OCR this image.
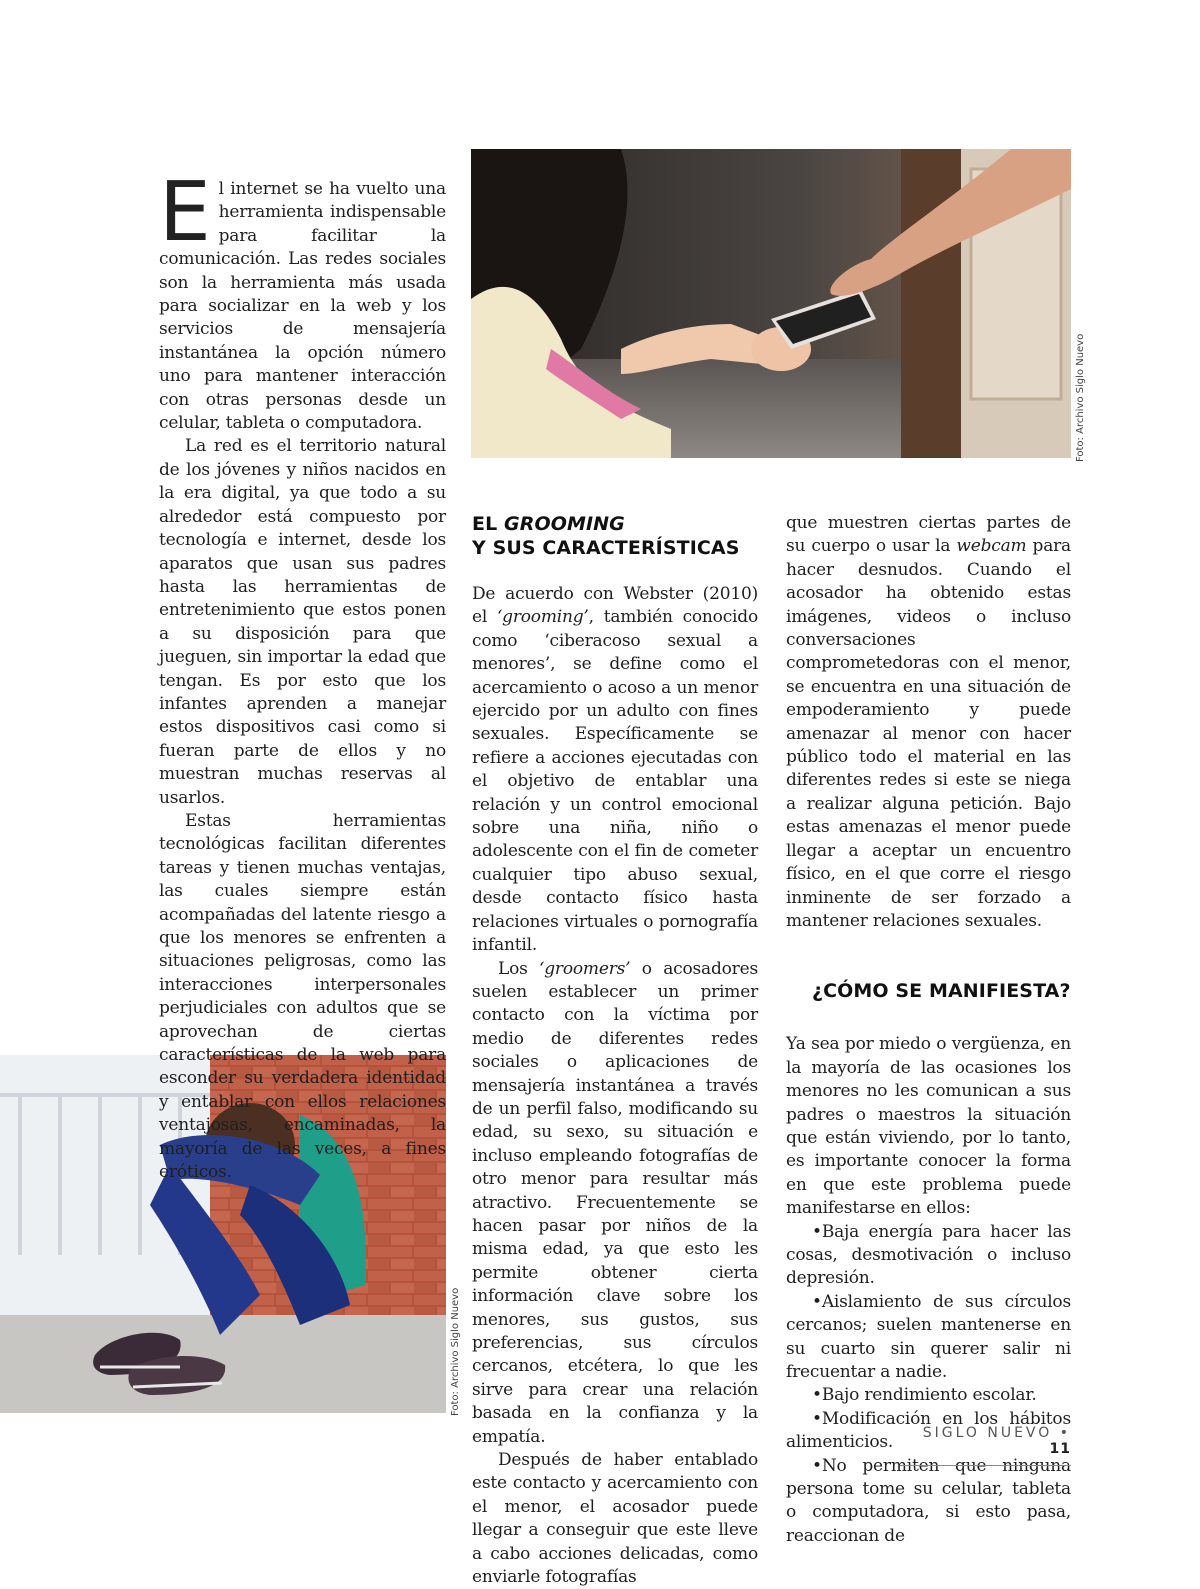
Foto: Archivo Siglo Nuevo
Foto: Archivo Siglo Nuevo

El internet se ha vuelto una herramienta indispensable para facilitar la comunicación. Las redes sociales son la herramienta más usada para socializar en la web y los servicios de mensajería instantánea la opción número uno para mantener interacción con otras personas desde un celular, tableta o computadora.

La red es el territorio natural de los jóvenes y niños nacidos en la era digital, ya que todo a su alrededor está compuesto por tecnología e internet, desde los aparatos que usan sus padres hasta las herramientas de entretenimiento que estos ponen a su disposición para que jueguen, sin importar la edad que tengan. Es por esto que los infantes aprenden a manejar estos dispositivos casi como si fueran parte de ellos y no muestran muchas reservas al usarlos.

Estas herramientas tecnológicas facilitan diferentes tareas y tienen muchas ventajas, las cuales siempre están acompañadas del latente riesgo a que los menores se enfrenten a situaciones peligrosas, como las interacciones interpersonales perjudiciales con adultos que se aprovechan de ciertas características de la web para esconder su verdadera identidad y entablar con ellos relaciones ventajosas, encaminadas, la mayoría de las veces, a fines eróticos.

EL GROOMING

Y SUS CARACTERÍSTICAS

De acuerdo con Webster (2010) el ‘grooming’, también conocido como ‘ciberacoso sexual a menores’, se define como el acercamiento o acoso a un menor ejercido por un adulto con fines sexuales. Específicamente se refiere a acciones ejecutadas con el objetivo de entablar una relación y un control emocional sobre una niña, niño o adolescente con el fin de cometer cualquier tipo abuso sexual, desde contacto físico hasta relaciones virtuales o pornografía infantil.

Los ‘groomers’ o acosadores suelen establecer un primer contacto con la víctima por medio de diferentes redes sociales o aplicaciones de mensajería instantánea a través de un perfil falso, modificando su edad, su sexo, su situación e incluso empleando fotografías de otro menor para resultar más atractivo. Frecuentemente se hacen pasar por niños de la misma edad, ya que esto les permite obtener cierta información clave sobre los menores, sus gustos, sus preferencias, sus círculos cercanos, etcétera, lo que les sirve para crear una relación basada en la confianza y la empatía.

Después de haber entablado este contacto y acercamiento con el menor, el acosador puede llegar a conseguir que este lleve a cabo acciones delicadas, como enviarle fotografías

que muestren ciertas partes de su cuerpo o usar la webcam para hacer desnudos. Cuando el acosador ha obtenido estas imágenes, videos o incluso conversaciones comprometedoras con el menor, se encuentra en una situación de empoderamiento y puede amenazar al menor con hacer público todo el material en las diferentes redes si este se niega a realizar alguna petición. Bajo estas amenazas el menor puede llegar a aceptar un encuentro físico, en el que corre el riesgo inminente de ser forzado a mantener relaciones sexuales.

¿CÓMO SE MANIFIESTA?

Ya sea por miedo o vergüenza, en la mayoría de las ocasiones los menores no les comunican a sus padres o maestros la situación que están viviendo, por lo tanto, es importante conocer la forma en que este problema puede manifestarse en ellos:

•Baja energía para hacer las cosas, desmotivación o incluso depresión.

•Aislamiento de sus círculos cercanos; suelen mantenerse en su cuarto sin querer salir ni frecuentar a nadie.

•Bajo rendimiento escolar.

•Modificación en los hábitos alimenticios.

•No permiten que ninguna persona tome su celular, tableta o computadora, si esto pasa, reaccionan de

SIGLO NUEVO • 11
